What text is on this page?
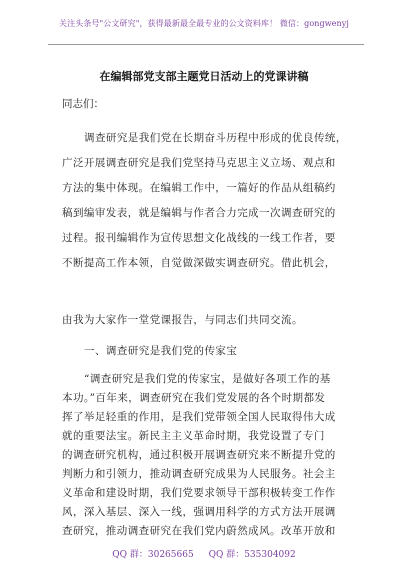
关注头条号"公文研究"，获得最新最全最专业的公文资料库！ 微信：gongwenyj
在编辑部党支部主题党日活动上的党课讲稿
同志们：
调查研究是我们党在长期奋斗历程中形成的优良传统，
广泛开展调查研究是我们党坚持马克思主义立场、观点和
方法的集中体现。在编辑工作中，一篇好的作品从组稿约
稿到编审发表，就是编辑与作者合力完成一次调查研究的
过程。报刊编辑作为宣传思想文化战线的一线工作者，要
不断提高工作本领，自觉做深做实调查研究。借此机会，
由我为大家作一堂党课报告，与同志们共同交流。
一、调查研究是我们党的传家宝
“调查研究是我们党的传家宝，是做好各项工作的基
本功。”百年来，调查研究在我们党发展的各个时期都发
挥了举足轻重的作用，是我们党带领全国人民取得伟大成
就的重要法宝。新民主主义革命时期，我党设置了专门
的调查研究机构，通过积极开展调查研究来不断提升党的
判断力和引领力，推动调查研究成果为人民服务。社会主
义革命和建设时期，我们党要求领导干部积极转变工作作
风，深入基层、深入一线，强调用科学的方式方法开展调
查研究，推动调查研究在我们党内蔚然成风。改革开放和
QQ 群：30265665 QQ 群：535304092
